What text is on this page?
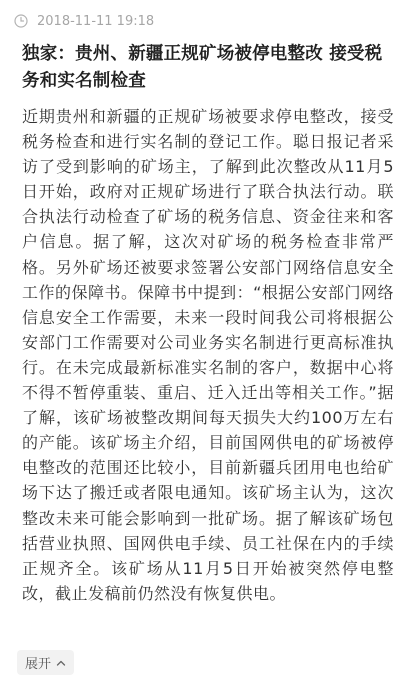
2018-11-11 19:18
独家：贵州、新疆正规矿场被停电整改 接受税务和实名制检查

近期贵州和新疆的正规矿场被要求停电整改，接受税务检查和进行实名制的登记工作。聪日报记者采访了受到影响的矿场主，了解到此次整改从11月5日开始，政府对正规矿场进行了联合执法行动。联合执法行动检查了矿场的税务信息、资金往来和客户信息。据了解，这次对矿场的税务检查非常严格。另外矿场还被要求签署公安部门网络信息安全工作的保障书。保障书中提到：“根据公安部门网络信息安全工作需要，未来一段时间我公司将根据公安部门工作需要对公司业务实名制进行更高标准执行。在未完成最新标准实名制的客户，数据中心将不得不暂停重装、重启、迁入迁出等相关工作。”据了解，该矿场被整改期间每天损失大约100万左右的产能。该矿场主介绍，目前国网供电的矿场被停电整改的范围还比较小，目前新疆兵团用电也给矿场下达了搬迁或者限电通知。该矿场主认为，这次整改未来可能会影响到一批矿场。据了解该矿场包括营业执照、国网供电手续、员工社保在内的手续正规齐全。该矿场从11月5日开始被突然停电整改，截止发稿前仍然没有恢复供电。

展开
